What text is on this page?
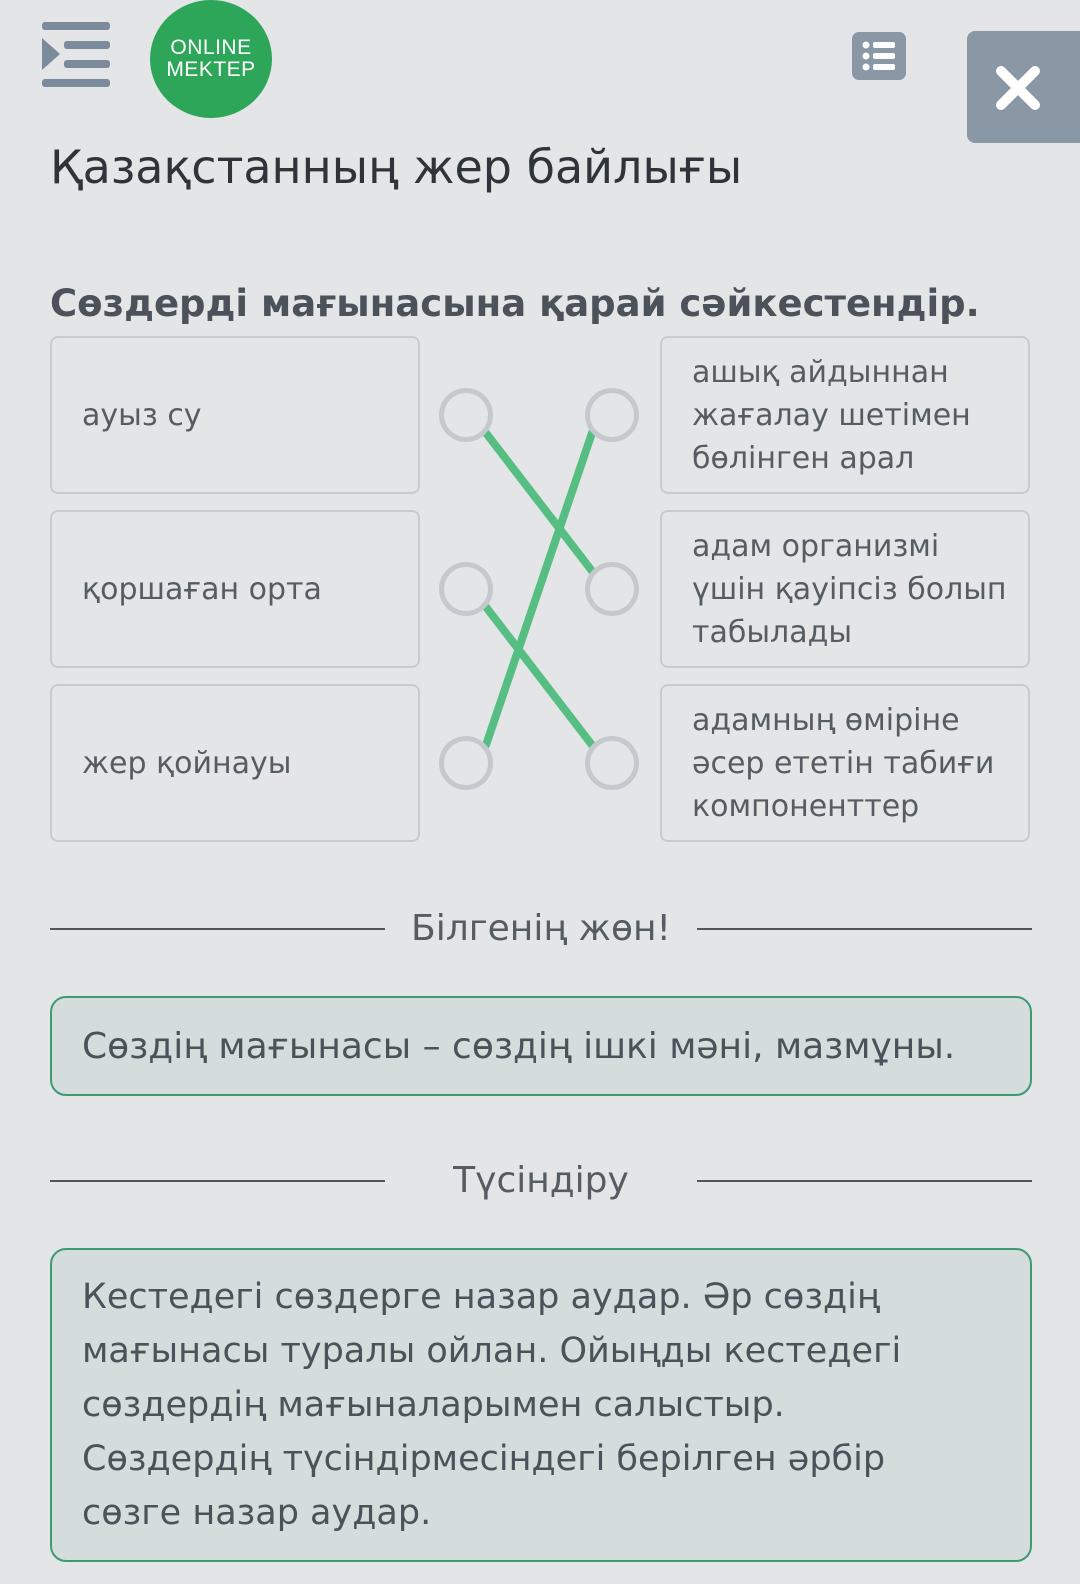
ONLINE
MEKTEP
Қазақстанның жер байлығы
Сөздерді мағынасына қарай сәйкестендір.
ауыз су
қоршаған орта
жер қойнауы
ашық айдыннан
жағалау шетімен
бөлінген арал
адам организмі
үшін қауіпсіз болып
табылады
адамның өміріне
әсер ететін табиғи
компоненттер
Білгенің жөн!
Сөздің мағынасы – сөздің ішкі мәні, мазмұны.
Түсіндіру
Кестедегі сөздерге назар аудар. Әр сөздің
мағынасы туралы ойлан. Ойыңды кестедегі
сөздердің мағыналарымен салыстыр.
Сөздердің түсіндірмесіндегі берілген әрбір
сөзге назар аудар.
